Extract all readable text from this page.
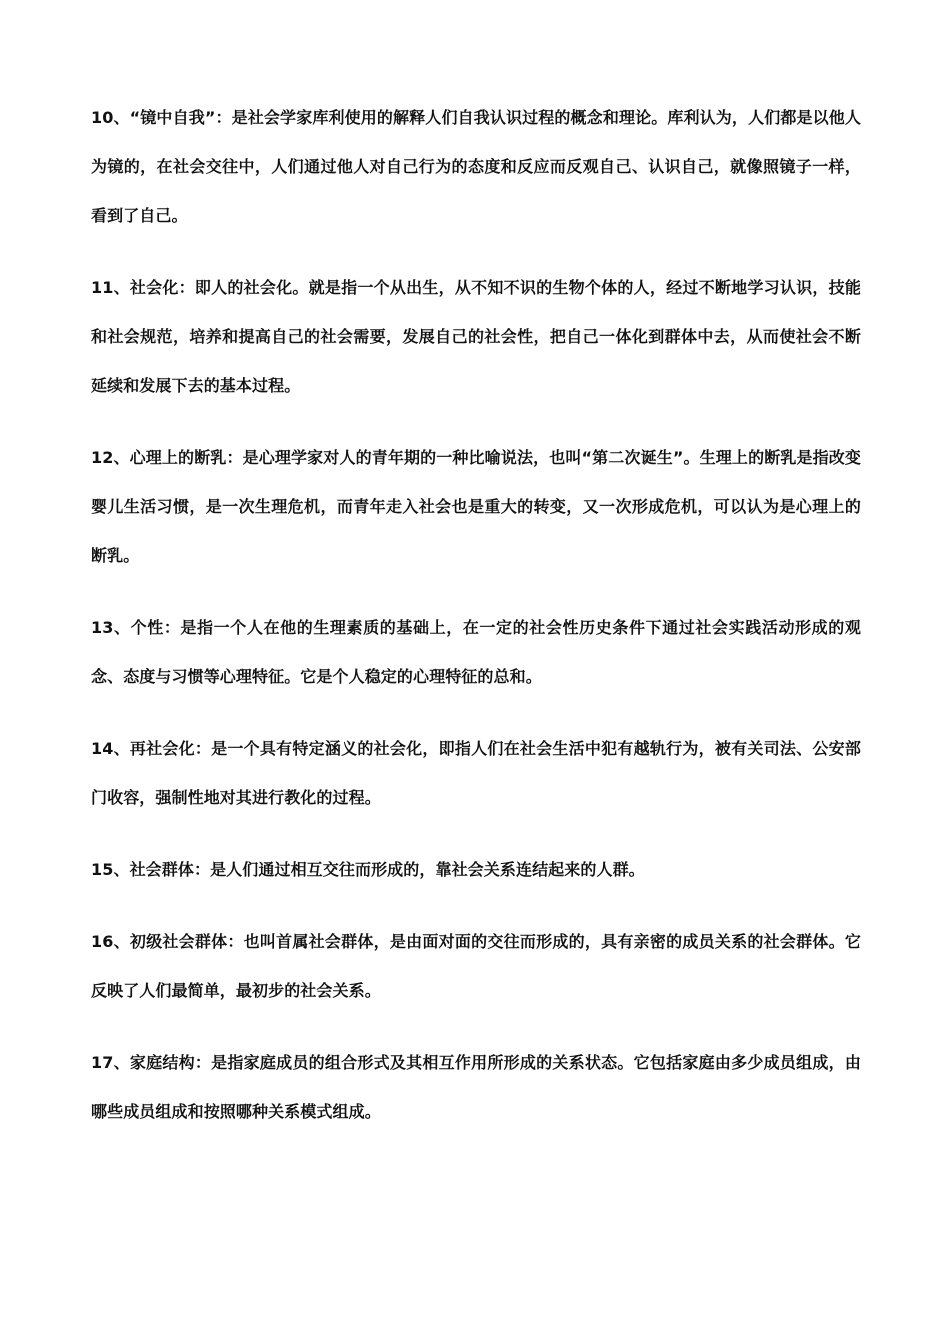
10、“镜中自我”：是社会学家库利使用的解释人们自我认识过程的概念和理论。库利认为，人们都是以他人为镜的，在社会交往中，人们通过他人对自己行为的态度和反应而反观自己、认识自己，就像照镜子一样，看到了自己。

11、社会化：即人的社会化。就是指一个从出生，从不知不识的生物个体的人，经过不断地学习认识，技能和社会规范，培养和提高自己的社会需要，发展自己的社会性，把自己一体化到群体中去，从而使社会不断延续和发展下去的基本过程。

12、心理上的断乳：是心理学家对人的青年期的一种比喻说法，也叫“第二次诞生”。生理上的断乳是指改变婴儿生活习惯，是一次生理危机，而青年走入社会也是重大的转变，又一次形成危机，可以认为是心理上的断乳。

13、个性：是指一个人在他的生理素质的基础上，在一定的社会性历史条件下通过社会实践活动形成的观念、态度与习惯等心理特征。它是个人稳定的心理特征的总和。

14、再社会化：是一个具有特定涵义的社会化，即指人们在社会生活中犯有越轨行为，被有关司法、公安部门收容，强制性地对其进行教化的过程。

15、社会群体：是人们通过相互交往而形成的，靠社会关系连结起来的人群。

16、初级社会群体：也叫首属社会群体，是由面对面的交往而形成的，具有亲密的成员关系的社会群体。它反映了人们最简单，最初步的社会关系。

17、家庭结构：是指家庭成员的组合形式及其相互作用所形成的关系状态。它包括家庭由多少成员组成，由哪些成员组成和按照哪种关系模式组成。
